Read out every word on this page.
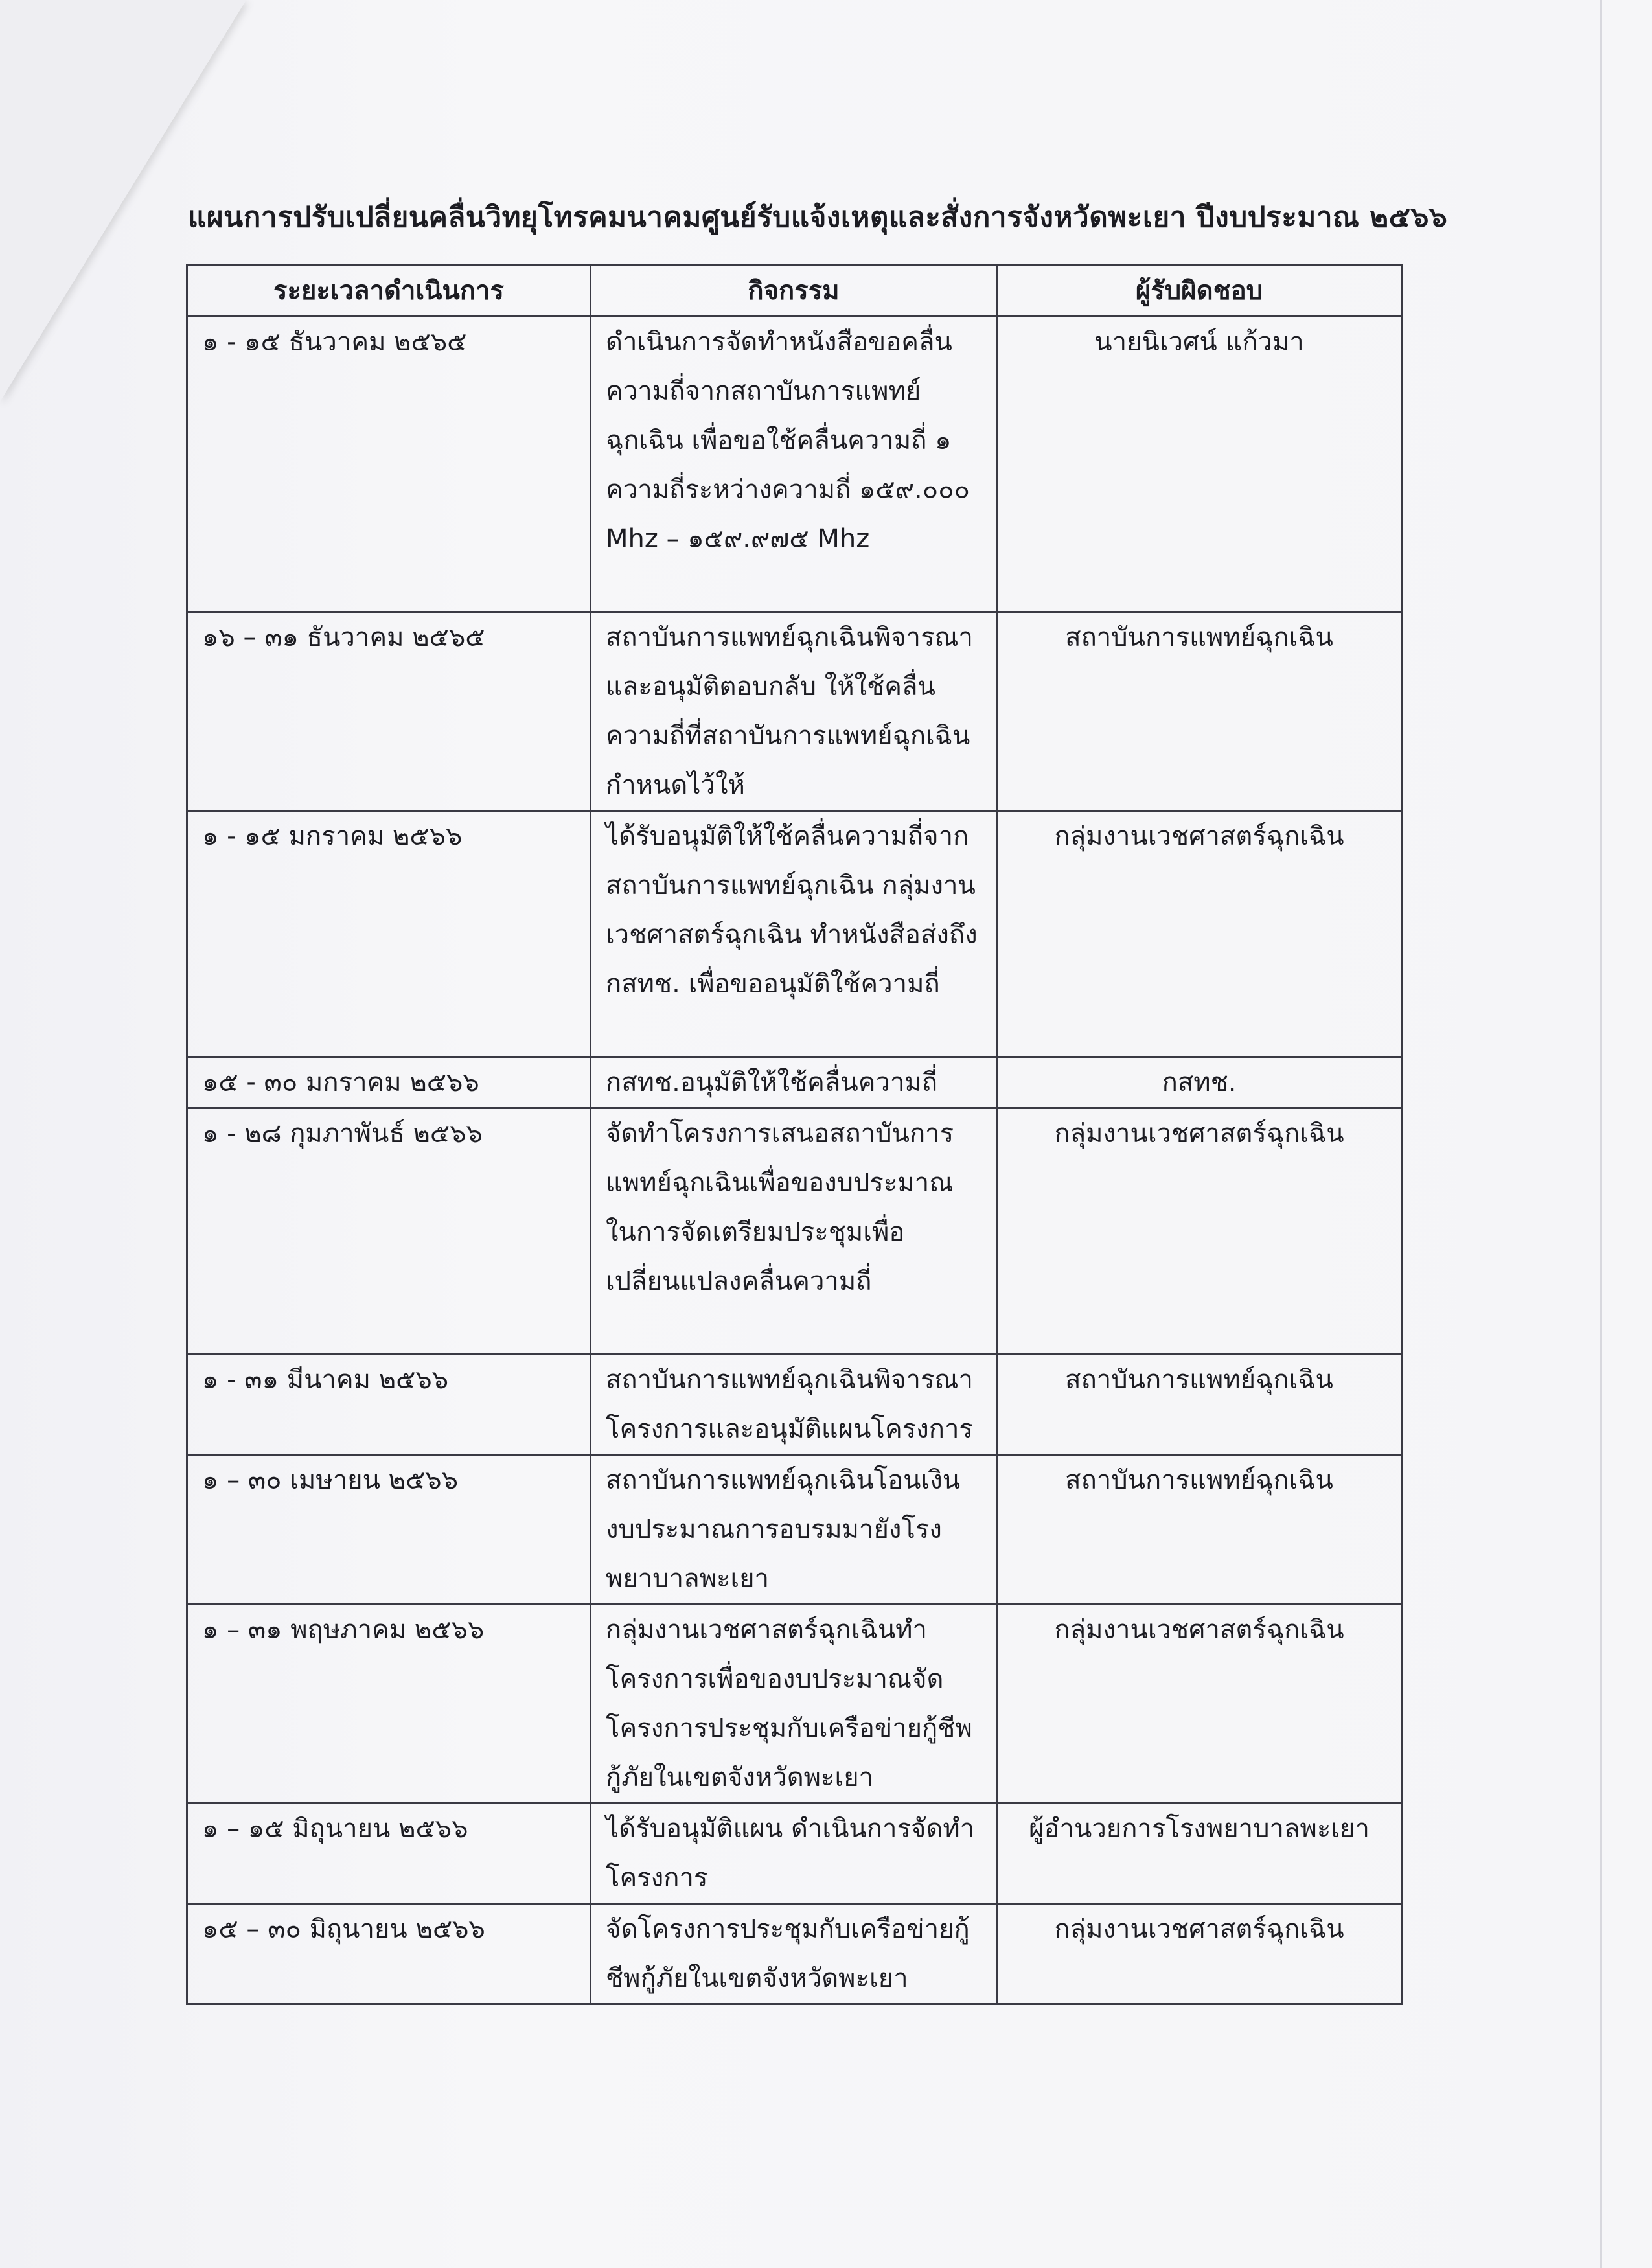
แผนการปรับเปลี่ยนคลื่นวิทยุโทรคมนาคมศูนย์รับแจ้งเหตุและสั่งการจังหวัดพะเยา ปีงบประมาณ ๒๕๖๖
ระยะเวลาดำเนินการ	กิจกรรม	ผู้รับผิดชอบ
๑ - ๑๕ ธันวาคม ๒๕๖๕	ดำเนินการจัดทำหนังสือขอคลื่นความถี่จากสถาบันการแพทย์ฉุกเฉิน เพื่อขอใช้คลื่นความถี่ ๑ ความถี่ระหว่างความถี่ ๑๕๙.๐๐๐ Mhz – ๑๕๙.๙๗๕ Mhz	นายนิเวศน์ แก้วมา
๑๖ – ๓๑ ธันวาคม ๒๕๖๕	สถาบันการแพทย์ฉุกเฉินพิจารณาและอนุมัติตอบกลับ ให้ใช้คลื่นความถี่ที่สถาบันการแพทย์ฉุกเฉินกำหนดไว้ให้	สถาบันการแพทย์ฉุกเฉิน
๑ - ๑๕ มกราคม ๒๕๖๖	ได้รับอนุมัติให้ใช้คลื่นความถี่จากสถาบันการแพทย์ฉุกเฉิน กลุ่มงานเวชศาสตร์ฉุกเฉิน ทำหนังสือส่งถึง กสทช. เพื่อขออนุมัติใช้ความถี่	กลุ่มงานเวชศาสตร์ฉุกเฉิน
๑๕ - ๓๐ มกราคม ๒๕๖๖	กสทช.อนุมัติให้ใช้คลื่นความถี่	กสทช.
๑ - ๒๘ กุมภาพันธ์ ๒๕๖๖	จัดทำโครงการเสนอสถาบันการแพทย์ฉุกเฉินเพื่อของบประมาณในการจัดเตรียมประชุมเพื่อเปลี่ยนแปลงคลื่นความถี่	กลุ่มงานเวชศาสตร์ฉุกเฉิน
๑ - ๓๑ มีนาคม ๒๕๖๖	สถาบันการแพทย์ฉุกเฉินพิจารณาโครงการและอนุมัติแผนโครงการ	สถาบันการแพทย์ฉุกเฉิน
๑ – ๓๐ เมษายน ๒๕๖๖	สถาบันการแพทย์ฉุกเฉินโอนเงินงบประมาณการอบรมมายังโรงพยาบาลพะเยา	สถาบันการแพทย์ฉุกเฉิน
๑ – ๓๑ พฤษภาคม ๒๕๖๖	กลุ่มงานเวชศาสตร์ฉุกเฉินทำโครงการเพื่อของบประมาณจัดโครงการประชุมกับเครือข่ายกู้ชีพกู้ภัยในเขตจังหวัดพะเยา	กลุ่มงานเวชศาสตร์ฉุกเฉิน
๑ – ๑๕ มิถุนายน ๒๕๖๖	ได้รับอนุมัติแผน ดำเนินการจัดทำโครงการ	ผู้อำนวยการโรงพยาบาลพะเยา
๑๕ – ๓๐ มิถุนายน ๒๕๖๖	จัดโครงการประชุมกับเครือข่ายกู้ชีพกู้ภัยในเขตจังหวัดพะเยา	กลุ่มงานเวชศาสตร์ฉุกเฉิน
